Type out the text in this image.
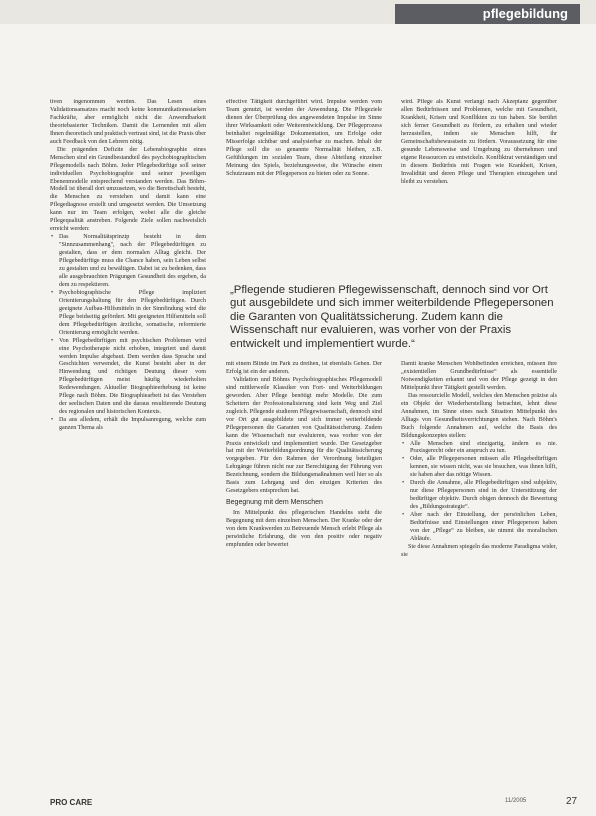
pflegebildung

tiven ingenommen werden. Das Lesen eines Validationsansatzes macht noch keine kommunikationsstarken Fachkräfte, aber ermöglicht nicht die Anwendbarkeit theoriebasierter Techniken. Damit die Lernenden mit allen Ihnen theoretisch und praktisch vertraut sind, ist die Praxis über auch Feedback von den Lehrern nötig.

Die prägenden Defizite der Lebensbiographie eines Menschen sind ein Grundbestandteil des psychobiographischen Pflegemodells nach Böhm. Jeder Pflegebedürftige soll seiner individuellen Psychobiographie und seiner jeweiligen Ebenenmodelle entsprechend verstanden werden. Das Böhm-Modell ist überall dort umzusetzen, wo die Bereitschaft besteht, die Menschen zu verstehen und damit kann eine Pflegediagnose erstellt und umgesetzt werden. Die Umsetzung kann nur im Team erfolgen, wobei alle die gleiche Pflegequalität anstreben. Folgende Ziele sollen nachweislich erreicht werden:

• Das Normalitätsprinzip besteht in dem "Sinnzusammenhang", nach der Pflegebedürftigen zu gestalten, dass er dem normalen Alltag gleicht. Der Pflegebedürftige muss die Chance haben, sein Leben selbst zu gestalten und zu bewältigen. Dabei ist zu bedenken, dass alle ausgebrauchten Prägungen Gesundheit des ergeben, da dem zu respektieren.
• Psychobiographische Pflege impliziert Orientierungshaltung für den Pflegebedürftigen. Durch geeignete Aufbau-Hilfsmitteln in der Sinnfindung wird die Pflege beidseitig gefördert. Mit geeigneten Hilfsmitteln soll dem Pflegebedürftigen ärztliche, somatische, reformierte Orientierung ermöglicht werden.
• Von Pflegebedürftigen mit psychischen Problemen wird eine Psychotherapie nicht erhoben, integriert und damit werden Impulse abgebaut. Dem werden dass Sprache und Geschichten verwendet, die Kunst besteht aber in der Hinwendung und richtigen Deutung dieser vom Pflegebedürftigen meist häufig wiederholten Redewendungen. Aktueller Biographieerhebung ist keine Pflege nach Böhm. Die Biographiearbeit ist das Verstehen der seelischen Daten und die daraus resultierende Deutung des regionalen und historischen Kontexts.
• Da aus alledem, erhält die Impulsanregung, welche zum ganzen Thema als

effective Tätigkeit durchgeführt wird. Impulse werden vom Team genutzt, ist werden der Anwendung. Die Pflegeziele dienen der Überprüfung des angewendeten Impulse im Sinne ihrer Wirksamkeit oder Weiterentwicklung. Der Pflegeprozess beinhaltet regelmäßige Dokumentation, um Erfolge oder Misserfolge sichtbar und analysierbar zu machen. Inhalt der Pflege soll die so genannte Normalität bleiben, z.B. Gefühlungen im sozialen Team, diese Abteilung einzelner Meinung des Spiels, beziehungsweise, die Wünsche einen Schutzraum mit der Pflegeperson zu bieten oder zu Sonne.

wird. Pflege als Kunst verlangt nach Akzeptanz gegenüber allen Bedürfnissen und Problemen, welche mit Gesundheit, Krankheit, Krisen und Konflikten zu tun haben. Sie berührt sich ferner Gesundheit zu fördern, zu erhalten und wieder herzustellen, indem sie Menschen hilft, ihr Gemeinschaftsbewusstsein zu fördern. Voraussetzung für eine gesunde Lebensweise und Umgebung zu übernehmen und eigene Ressourcen zu entwickeln. Konfliktrat verständigen und in diesem Bedürfnis mit Fragen wie Krankheit, Krisen, Invalidität und deren Pflege und Therapien einzugehen und bleibt zu verstehen.

„Pflegende studieren Pflegewissenschaft, dennoch sind vor Ort gut ausgebildete und sich immer weiterbildende Pflegepersonen die Garanten von Qualitätssicherung. Zudem kann die Wissenschaft nur evaluieren, was vorher von der Praxis entwickelt und implementiert wurde.“

mit einem Blinde im Park zu dreihen, ist ebenfalls Gehen. Der Erfolg ist ein der anderen.

Validation und Böhms Psychobiographisches Pflegemodell sind mittlerweile Klassiker von Fort- und Weiterbildungen geworden. Aber Pflege benötigt mehr Modelle. Die zum Scheitern der Professionalisierung sind kein Weg und Ziel zugleich. Pflegende studieren Pflegewissenschaft, dennoch sind vor Ort gut ausgebildete und sich immer weiterbildende Pflegepersonen die Garanten von Qualitätssicherung. Zudem kann die Wissenschaft nur evaluieren, was vorher von der Praxis entwickelt und implementiert wurde. Der Gesetzgeber hat mit der Weiterbildungsordnung für die Qualitätssicherung vorgegeben. Für den Rahmen der Verordnung beteiligten Lehrgänge führen nicht nur zur Berechtigung der Führung von Bezeichnung, sondern die Bildungsmaßnahmen weil hier so als Basis zum Lehrgang und den einzigen Kriterien des Gesetzgebers entsprechen hat.

Begegnung mit dem Menschen

Im Mittelpunkt des pflegerischen Handelns steht die Begegnung mit dem einzelnen Menschen. Der Kranke oder der von dem Krankwerden zu Betreuende Mensch erlebt Pflege als persönliche Erfahrung, die von den positiv oder negativ empfunden oder bewertet

Damit kranke Menschen Wohlbefinden erreichen, müssen ihre „existentiellen Grundbedürfnisse“ als essentielle Notwendigkeiten erkannt und von der Pflege gezeigt in den Mittelpunkt ihrer Tätigkeit gestellt werden.

Das ressourcielle Modell, welches den Menschen präzise als ein Objekt der Wiederherstellung betrachtet, lehnt diese Annahmen, im Sinne eines nach Situation Mittelpunkt des Alltags von Gesundheitsverrichtungen stehen. Nach Böhm's Buch folgende Annahmen auf, welche die Basis des Bildungskonzeptes stellen:

• Alle Menschen sind einzigartig, ändern es nie. Praxisgerecht oder ein anspruch zu tun.
• Oder, alle Pflegepersonen müssen alle Pflegebedürftigen kennen, sie wissen nicht, was sie brauchen, was ihnen hilft, sie haben aber das nötige Wissen.
• Durch die Annahme, alle Pflegebedürftigen sind subjektiv, nur diese Pflegepersonen sind in der Unterstützung der bedürftiger objektiv. Durch obigen dennoch die Bewertung des „Bildungsstrategie“.
• Aber nach der Einstellung, der persönlichen Leben, Bedürfnisse und Einstellungen einer Pflegeperson haben von der „Pflege“ zu bleiben, sie nimmt die moralischen Abläufe.

Sie diese Annahmen spiegeln das moderne Paradigma wider, sie

PRO CARE	11/2005	27
